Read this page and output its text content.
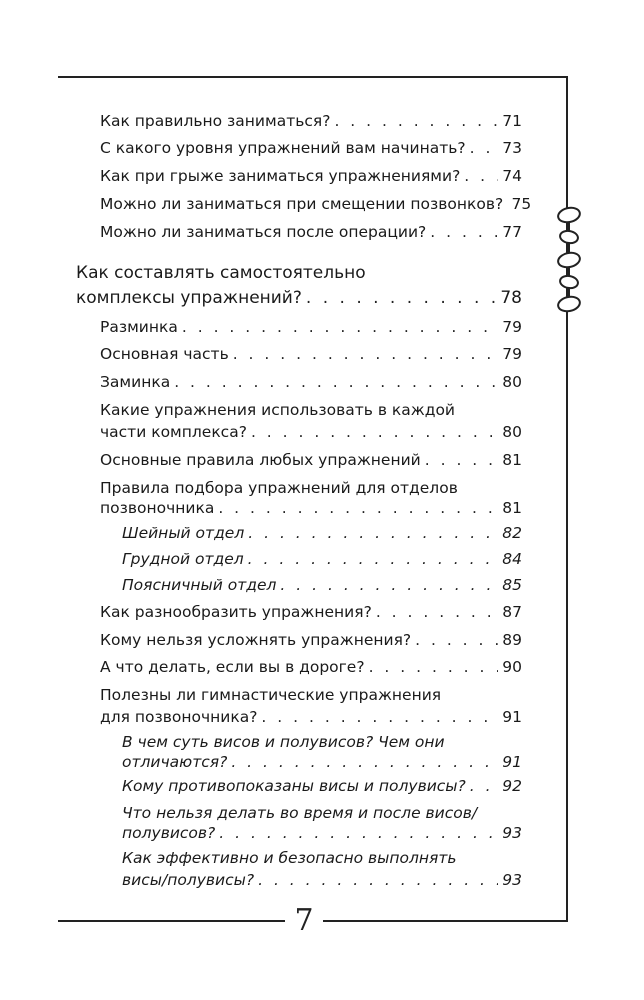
7
Как правильно заниматься? . . .	71
С какого уровня упражнений вам начинать? . . . 73
Как при грыже заниматься упражнениями? . . .	74
Можно ли заниматься при смещении позвонков? 75
Можно ли заниматься после операции? . . .	77
Как составлять самостоятельно
комплексы упражнений? . . .	78
Разминка . . .	79
Основная часть . . .	79
Заминка . . .	80
Какие упражнения использовать в каждой
части комплекса? . . .	80
Основные правила любых упражнений . . .	81
Правила подбора упражнений для отделов
позвоночника . . .	81
Шейный отдел . . .	82
Грудной отдел . . .	84
Поясничный отдел . . .	85
Как разнообразить упражнения? . . .	87
Кому нельзя усложнять упражнения? . . .	89
А что делать, если вы в дороге? . . .	90
Полезны ли гимнастические упражнения
для позвоночника? . . .	91
В чем суть висов и полувисов? Чем они
отличаются? . . .	91
Кому противопоказаны висы и полувисы? . . . 92
Что нельзя делать во время и после висов/
полувисов? . . .	93
Как эффективно и безопасно выполнять
висы/полувисы? . . .	93
